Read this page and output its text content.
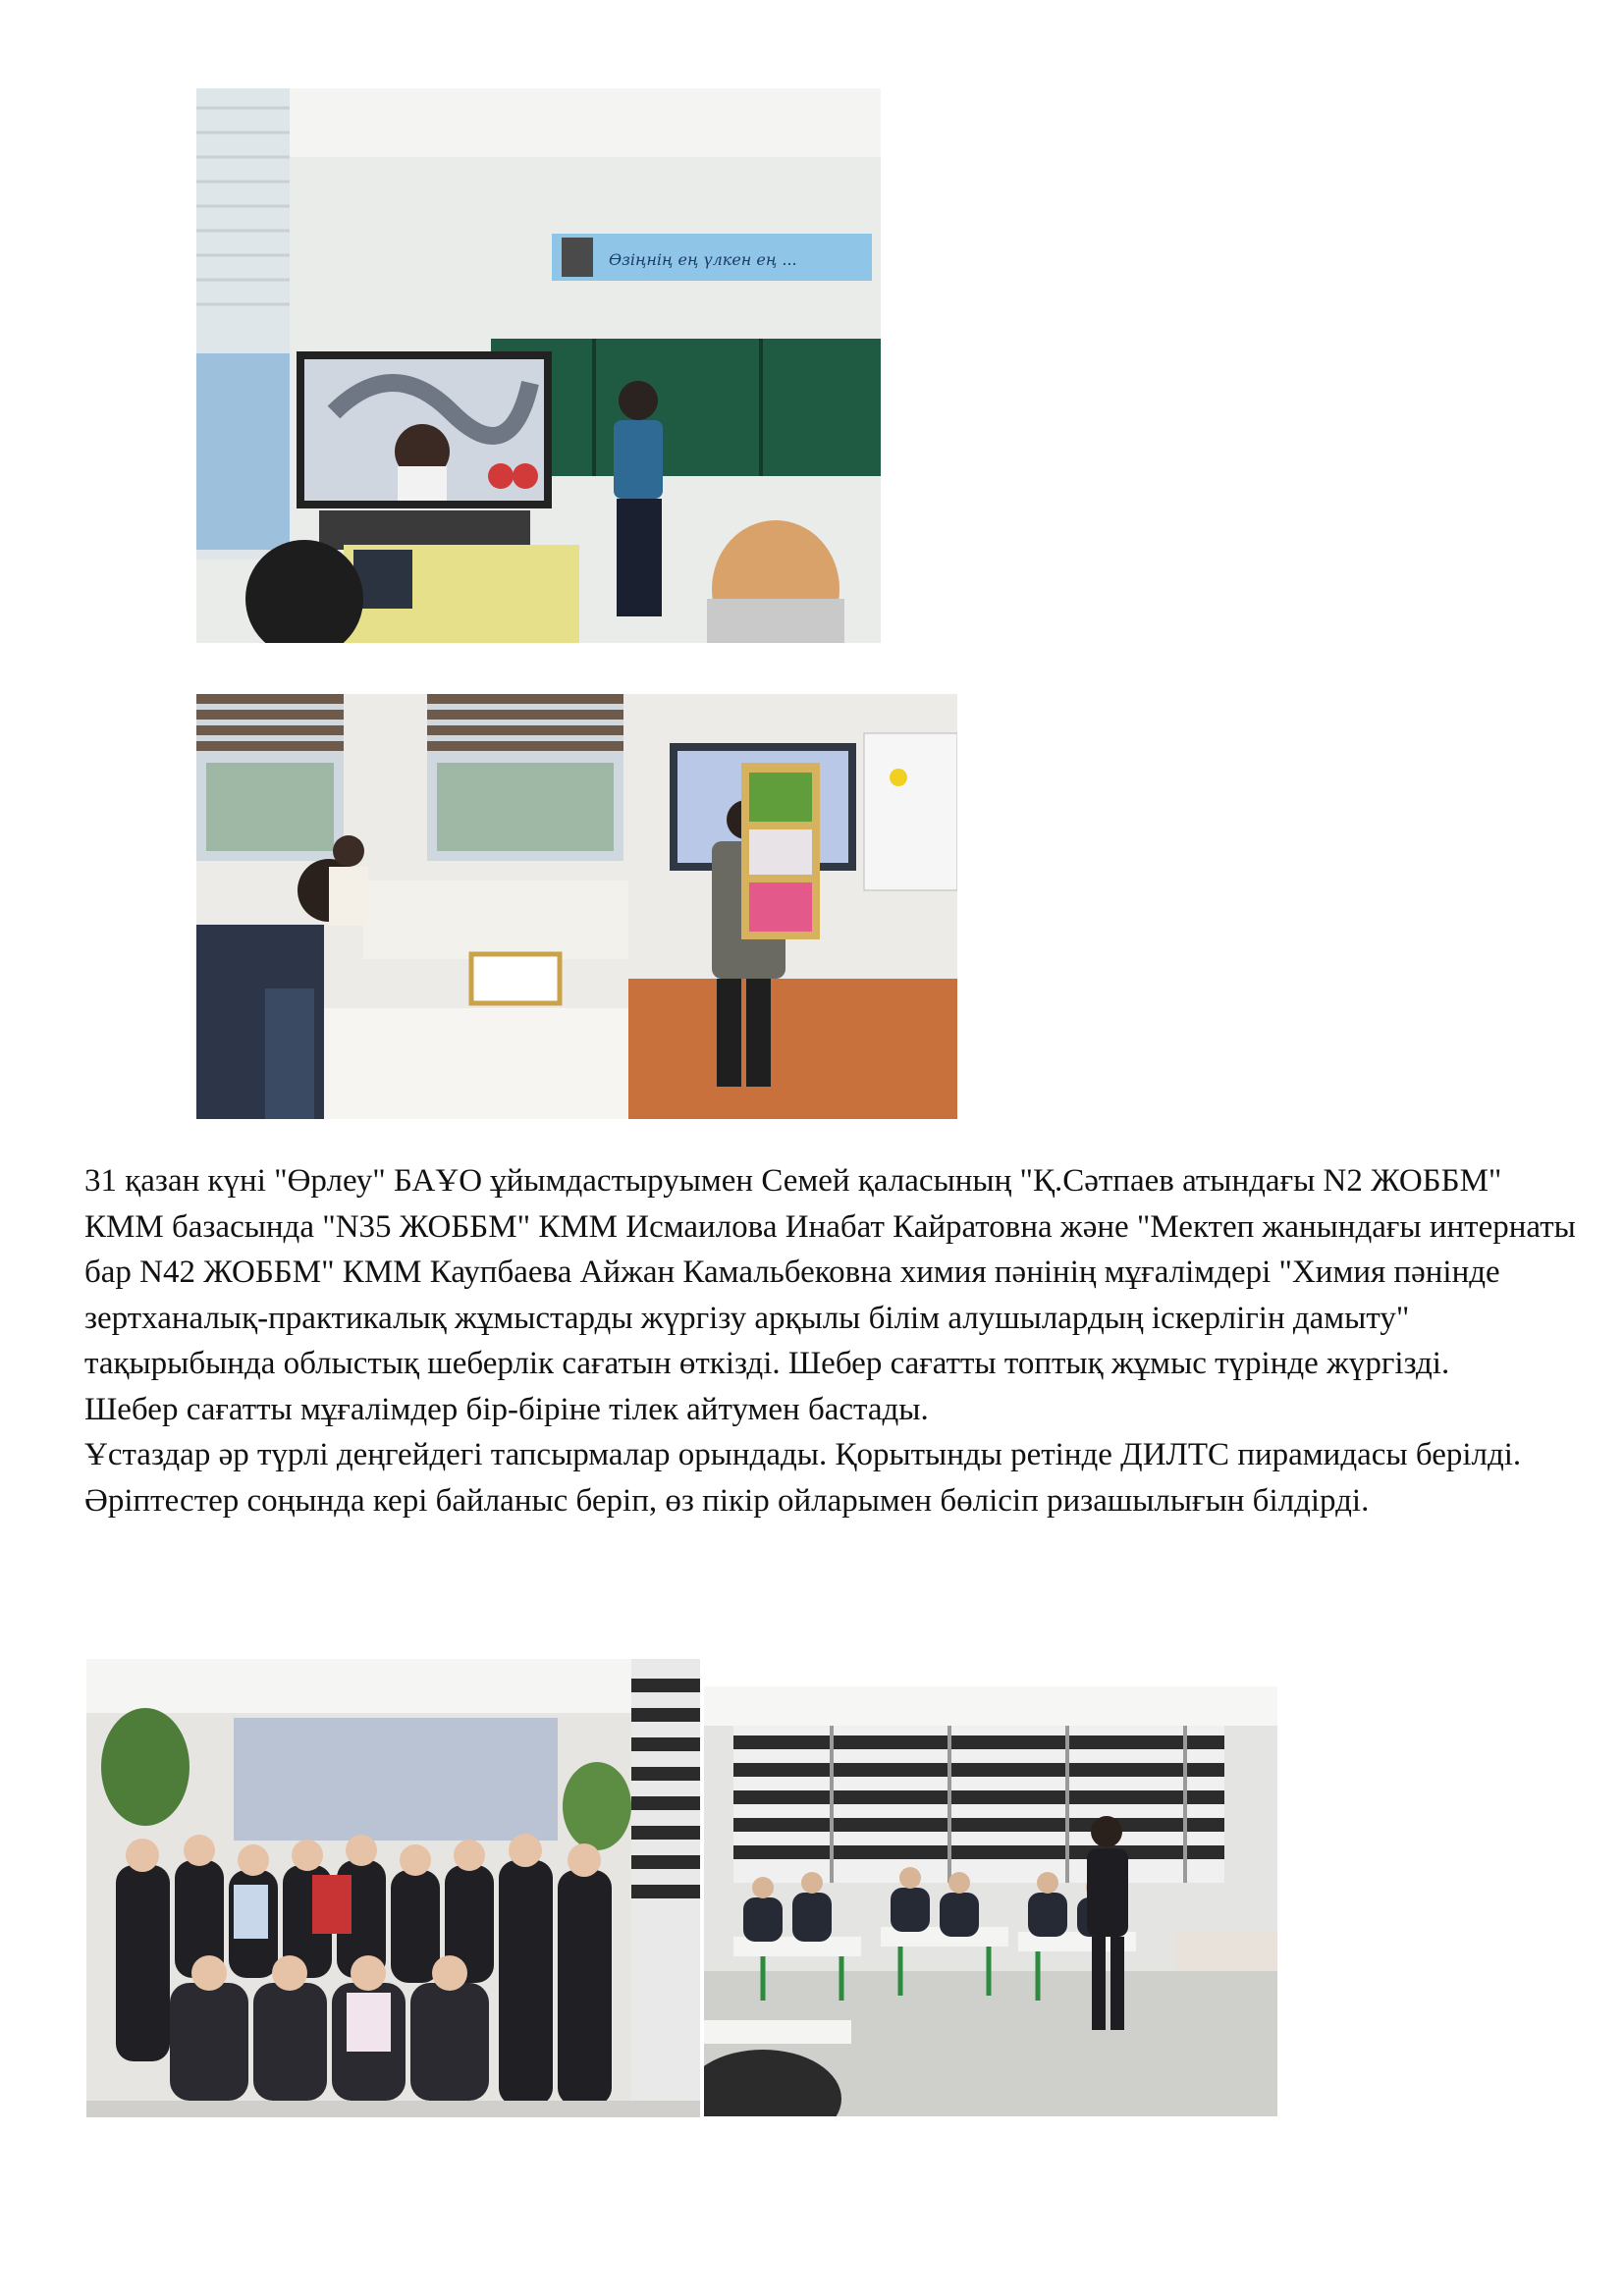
Өзіңнің ең үлкен ең ...

31 қазан күні "Өрлеу" БАҰО ұйымдастыруымен Семей қаласының "Қ.Сәтпаев атындағы N2 ЖОББМ" КММ базасында "N35 ЖОББМ" КММ Исмаилова Инабат Кайратовна және "Мектеп жанындағы интернаты бар N42 ЖОББМ" КММ Каупбаева Айжан Камальбековна химия пәнінің мұғалімдері "Химия пәнінде зертханалық-практикалық жұмыстарды жүргізу арқылы білім алушылардың іскерлігін дамыту" тақырыбында облыстық шеберлік сағатын өткізді. Шебер сағатты топтық жұмыс түрінде жүргізді.

Шебер сағатты мұғалімдер бір-біріне тілек айтумен бастады.

Ұстаздар әр түрлі деңгейдегі тапсырмалар орындады. Қорытынды ретінде ДИЛТС пирамидасы берілді.

Әріптестер соңында кері байланыс беріп, өз пікір ойларымен бөлісіп ризашылығын білдірді.
